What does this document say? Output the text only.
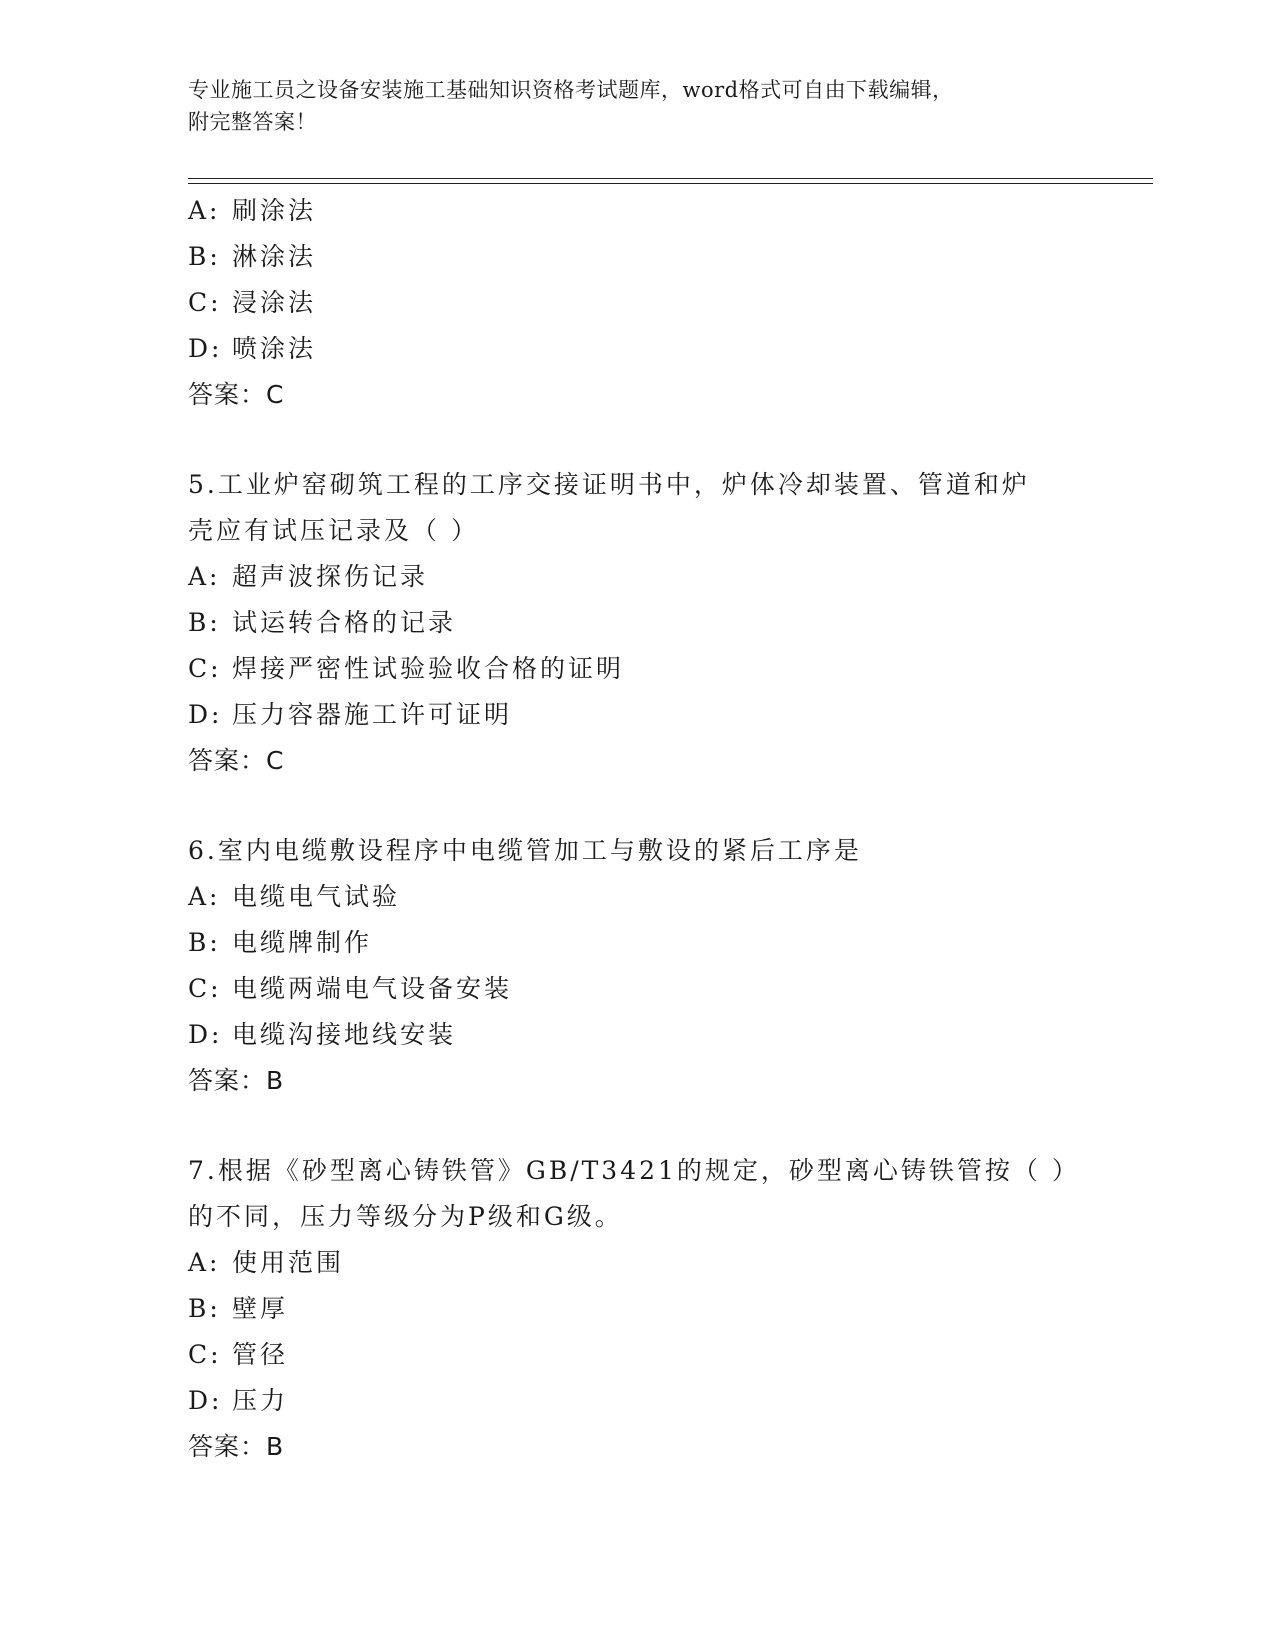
专业施工员之设备安装施工基础知识资格考试题库，word格式可自由下载编辑，
附完整答案！
A: 刷涂法
B: 淋涂法
C: 浸涂法
D: 喷涂法
答案：C
5.工业炉窑砌筑工程的工序交接证明书中，炉体冷却装置、管道和炉
壳应有试压记录及（ ）
A: 超声波探伤记录
B: 试运转合格的记录
C: 焊接严密性试验验收合格的证明
D: 压力容器施工许可证明
答案：C
6.室内电缆敷设程序中电缆管加工与敷设的紧后工序是
A: 电缆电气试验
B: 电缆牌制作
C: 电缆两端电气设备安装
D: 电缆沟接地线安装
答案：B
7.根据《砂型离心铸铁管》GB/T3421的规定，砂型离心铸铁管按（ ）
的不同，压力等级分为P级和G级。
A: 使用范围
B: 壁厚
C: 管径
D: 压力
答案：B
